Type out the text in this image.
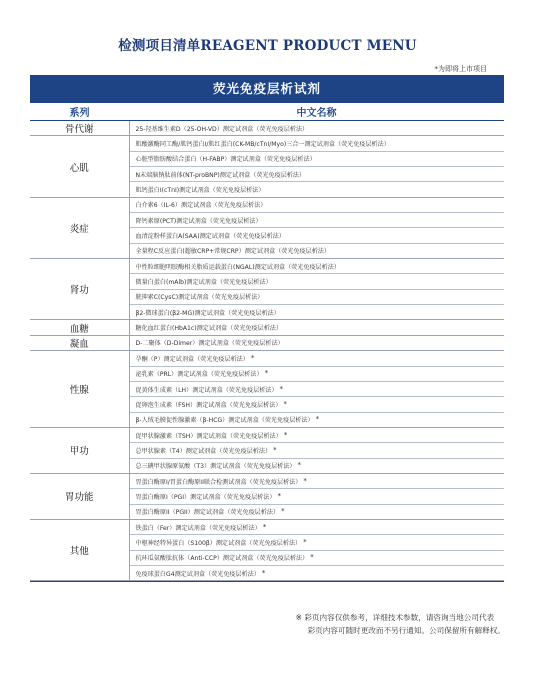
检测项目清单REAGENT PRODUCT MENU
*为即将上市项目
荧光免疫层析试剂
系列	中文名称
骨代谢	25-羟基维生素D（25-OH-VD）测定试剂盒（荧光免疫层析法）
心肌	肌酸激酶同工酶/肌钙蛋白I/肌红蛋白(CK-MB/cTnI/Myo)三合一测定试剂盒（荧光免疫层析法）
	心脏型脂肪酸结合蛋白（H-FABP）测定试剂盒（荧光免疫层析法）
	N末端脑钠肽前体(NT-proBNP)测定试剂盒（荧光免疫层析法）
	肌钙蛋白I(cTnI)测定试剂盒（荧光免疫层析法）
炎症	白介素6（IL-6）测定试剂盒（荧光免疫层析法）
	降钙素原(PCT)测定试剂盒（荧光免疫层析法）
	血清淀粉样蛋白A(SAA)测定试剂盒（荧光免疫层析法）
	全量程C反应蛋白(超敏CRP+常规CRP）测定试剂盒（荧光免疫层析法）
肾功	中性粒细胞明胶酶相关脂质运载蛋白(NGAL)测定试剂盒（荧光免疫层析法）
	微量白蛋白(mAlb)测定试剂盒（荧光免疫层析法）
	胱抑素C(CysC)测定试剂盒（荧光免疫层析法）
	β2-微球蛋白(β2-MG)测定试剂盒（荧光免疫层析法）
血糖	糖化血红蛋白(HbA1c)测定试剂盒（荧光免疫层析法）
凝血	D-二聚体（D-Dimer）测定试剂盒（荧光免疫层析法）
性腺	孕酮（P）测定试剂盒（荧光免疫层析法） *
	泌乳素（PRL）测定试剂盒（荧光免疫层析法） *
	促黄体生成素（LH）测定试剂盒（荧光免疫层析法） *
	促卵泡生成素（FSH）测定试剂盒（荧光免疫层析法） *
	β-人绒毛膜促性腺激素（β-HCG）测定试剂盒（荧光免疫层析法） *
甲功	促甲状腺激素（TSH）测定试剂盒（荧光免疫层析法） *
	总甲状腺素（T4）测定试剂盒（荧光免疫层析法） *
	总三碘甲状腺原氨酸（T3）测定试剂盒（荧光免疫层析法） *
胃功能	胃蛋白酶原I/胃蛋白酶原II联合检测试剂盒（荧光免疫层析法） *
	胃蛋白酶原I（PGI）测定试剂盒（荧光免疫层析法） *
	胃蛋白酶原II（PGII）测定试剂盒（荧光免疫层析法） *
其他	铁蛋白（Fer）测定试剂盒（荧光免疫层析法） *
	中枢神经特异蛋白（S100β）测定试剂盒（荧光免疫层析法） *
	抗环瓜氨酸肽抗体（Anti-CCP）测定试剂盒（荧光免疫层析法） *
	免疫球蛋白G4测定试剂盒（荧光免疫层析法） *
※ 彩页内容仅供参考，详细技术参数，请咨询当地公司代表
彩页内容可随时更改而不另行通知。公司保留所有解释权。
